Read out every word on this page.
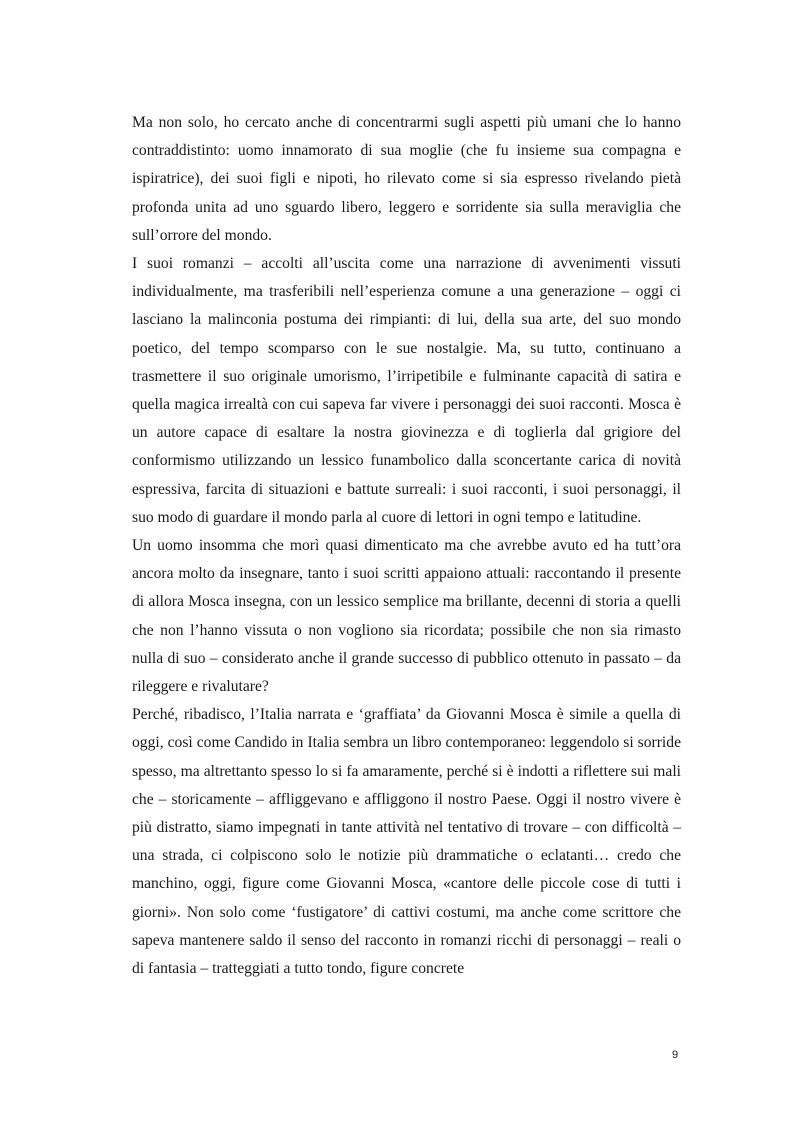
Ma non solo, ho cercato anche di concentrarmi sugli aspetti più umani che lo hanno contraddistinto: uomo innamorato di sua moglie (che fu insieme sua compagna e ispiratrice), dei suoi figli e nipoti, ho rilevato come si sia espresso rivelando pietà profonda unita ad uno sguardo libero, leggero e sorridente sia sulla meraviglia che sull’orrore del mondo.

I suoi romanzi – accolti all’uscita come una narrazione di avvenimenti vissuti individualmente, ma trasferibili nell’esperienza comune a una generazione – oggi ci lasciano la malinconia postuma dei rimpianti: di lui, della sua arte, del suo mondo poetico, del tempo scomparso con le sue nostalgie. Ma, su tutto, continuano a trasmettere il suo originale umorismo, l’irripetibile e fulminante capacità di satira e quella magica irrealtà con cui sapeva far vivere i personaggi dei suoi racconti. Mosca è un autore capace di esaltare la nostra giovinezza e di toglierla dal grigiore del conformismo utilizzando un lessico funambolico dalla sconcertante carica di novità espressiva, farcita di situazioni e battute surreali: i suoi racconti, i suoi personaggi, il suo modo di guardare il mondo parla al cuore di lettori in ogni tempo e latitudine.

Un uomo insomma che morì quasi dimenticato ma che avrebbe avuto ed ha tutt’ora ancora molto da insegnare, tanto i suoi scritti appaiono attuali: raccontando il presente di allora Mosca insegna, con un lessico semplice ma brillante, decenni di storia a quelli che non l’hanno vissuta o non vogliono sia ricordata; possibile che non sia rimasto nulla di suo – considerato anche il grande successo di pubblico ottenuto in passato – da rileggere e rivalutare?

Perché, ribadisco, l’Italia narrata e ‘graffiata’ da Giovanni Mosca è simile a quella di oggi, così come Candido in Italia sembra un libro contemporaneo: leggendolo si sorride spesso, ma altrettanto spesso lo si fa amaramente, perché si è indotti a riflettere sui mali che – storicamente – affliggevano e affliggono il nostro Paese. Oggi il nostro vivere è più distratto, siamo impegnati in tante attività nel tentativo di trovare – con difficoltà – una strada, ci colpiscono solo le notizie più drammatiche o eclatanti… credo che manchino, oggi, figure come Giovanni Mosca, «cantore delle piccole cose di tutti i giorni». Non solo come ‘fustigatore’ di cattivi costumi, ma anche come scrittore che sapeva mantenere saldo il senso del racconto in romanzi ricchi di personaggi – reali o di fantasia – tratteggiati a tutto tondo, figure concrete

9
